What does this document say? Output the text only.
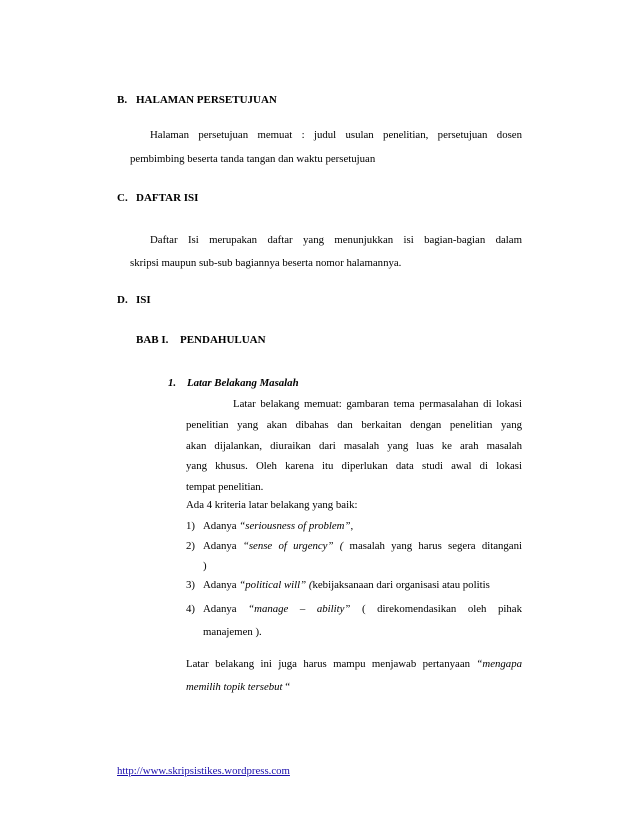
B. HALAMAN PERSETUJUAN
Halaman persetujuan memuat : judul usulan penelitian, persetujuan dosen
pembimbing beserta tanda tangan dan waktu persetujuan
C. DAFTAR ISI
Daftar Isi merupakan daftar yang menunjukkan isi bagian-bagian dalam
skripsi maupun sub-sub bagiannya beserta nomor halamannya.
D. ISI
BAB I. PENDAHULUAN
1. Latar Belakang Masalah
Latar belakang memuat: gambaran tema permasalahan di lokasi
penelitian yang akan dibahas dan berkaitan dengan penelitian yang
akan dijalankan, diuraikan dari masalah yang luas ke arah masalah
yang khusus. Oleh karena itu diperlukan data studi awal di lokasi
tempat penelitian.
Ada 4 kriteria latar belakang yang baik:
1) Adanya “seriousness of problem”,
2) Adanya “sense of urgency” ( masalah yang harus segera ditangani
)
3) Adanya “political will” (kebijaksanaan dari organisasi atau politis
4) Adanya “manage – ability” ( direkomendasikan oleh pihak
manajemen ).
Latar belakang ini juga harus mampu menjawab pertanyaan “mengapa
memilih topik tersebut “
http://www.skripsistikes.wordpress.com
